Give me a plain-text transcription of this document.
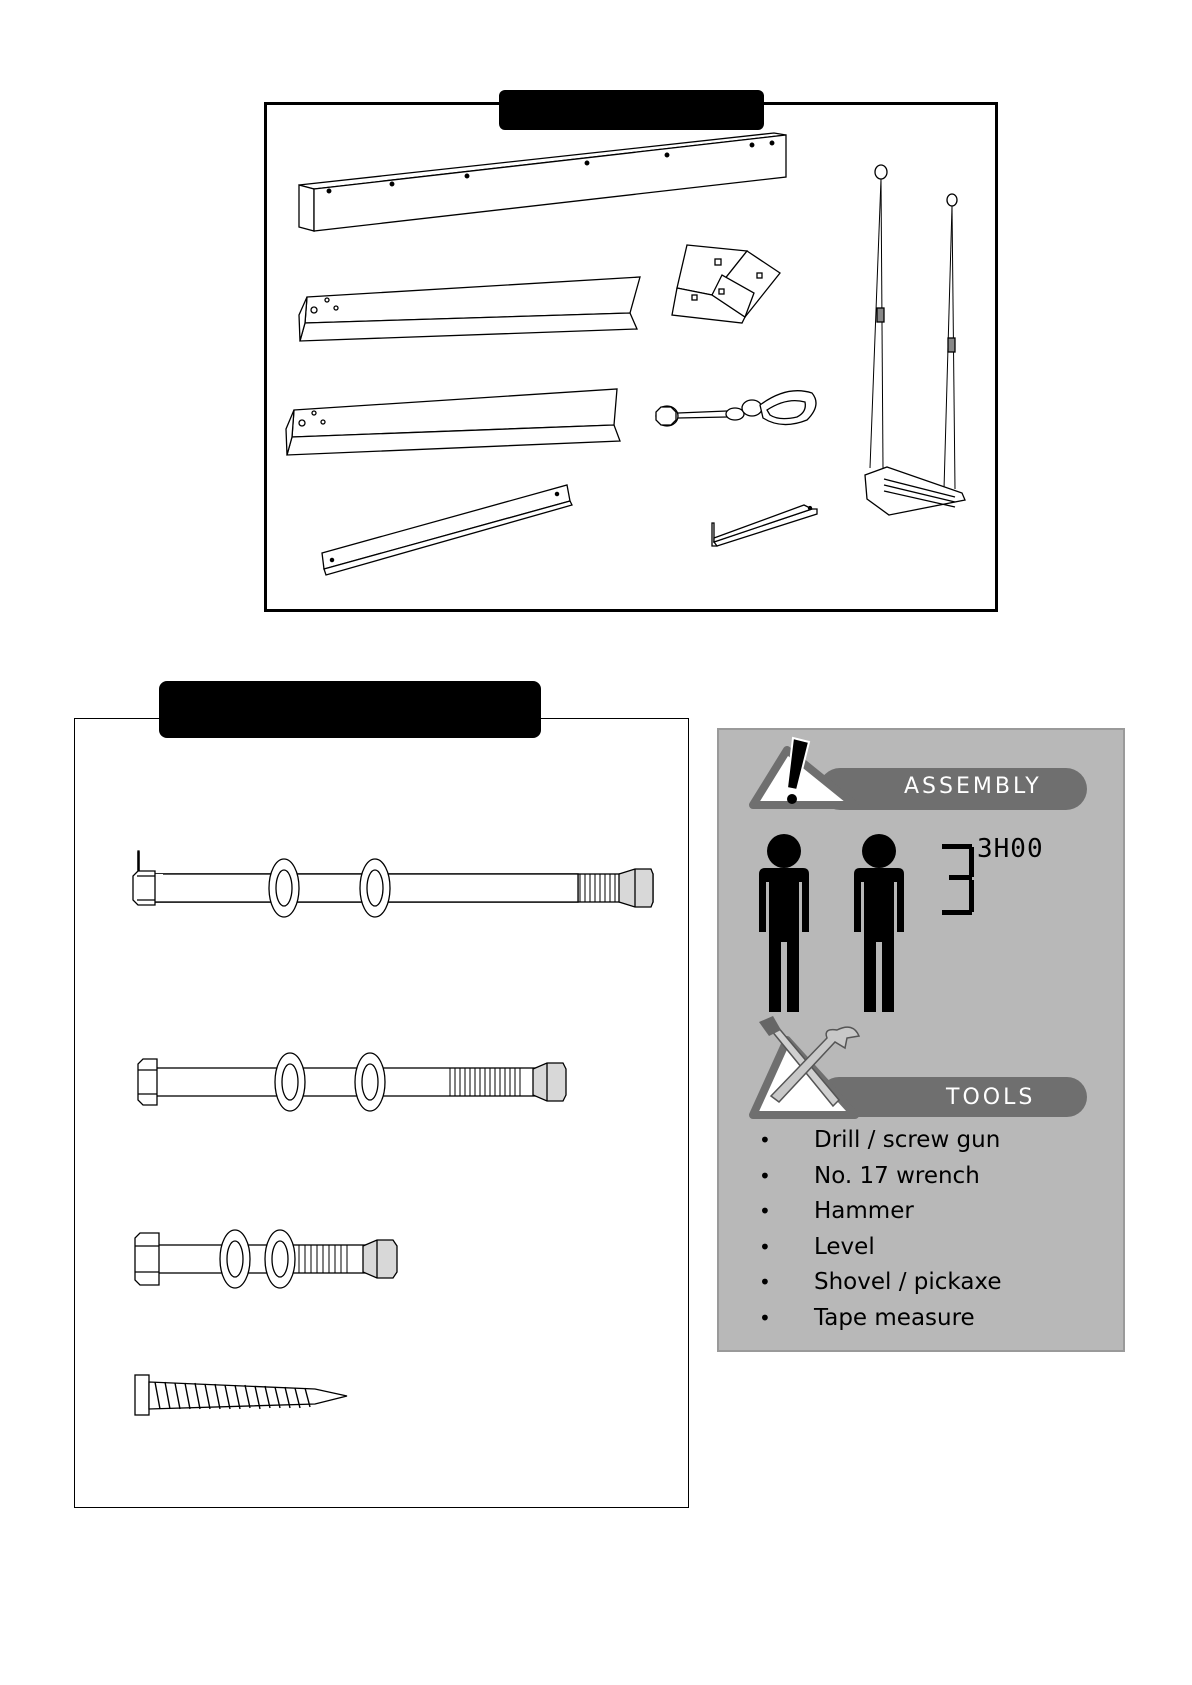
ASSEMBLY
3H00
TOOLS
• Drill / screw gun
• No. 17 wrench
• Hammer
• Level
• Shovel / pickaxe
• Tape measure
